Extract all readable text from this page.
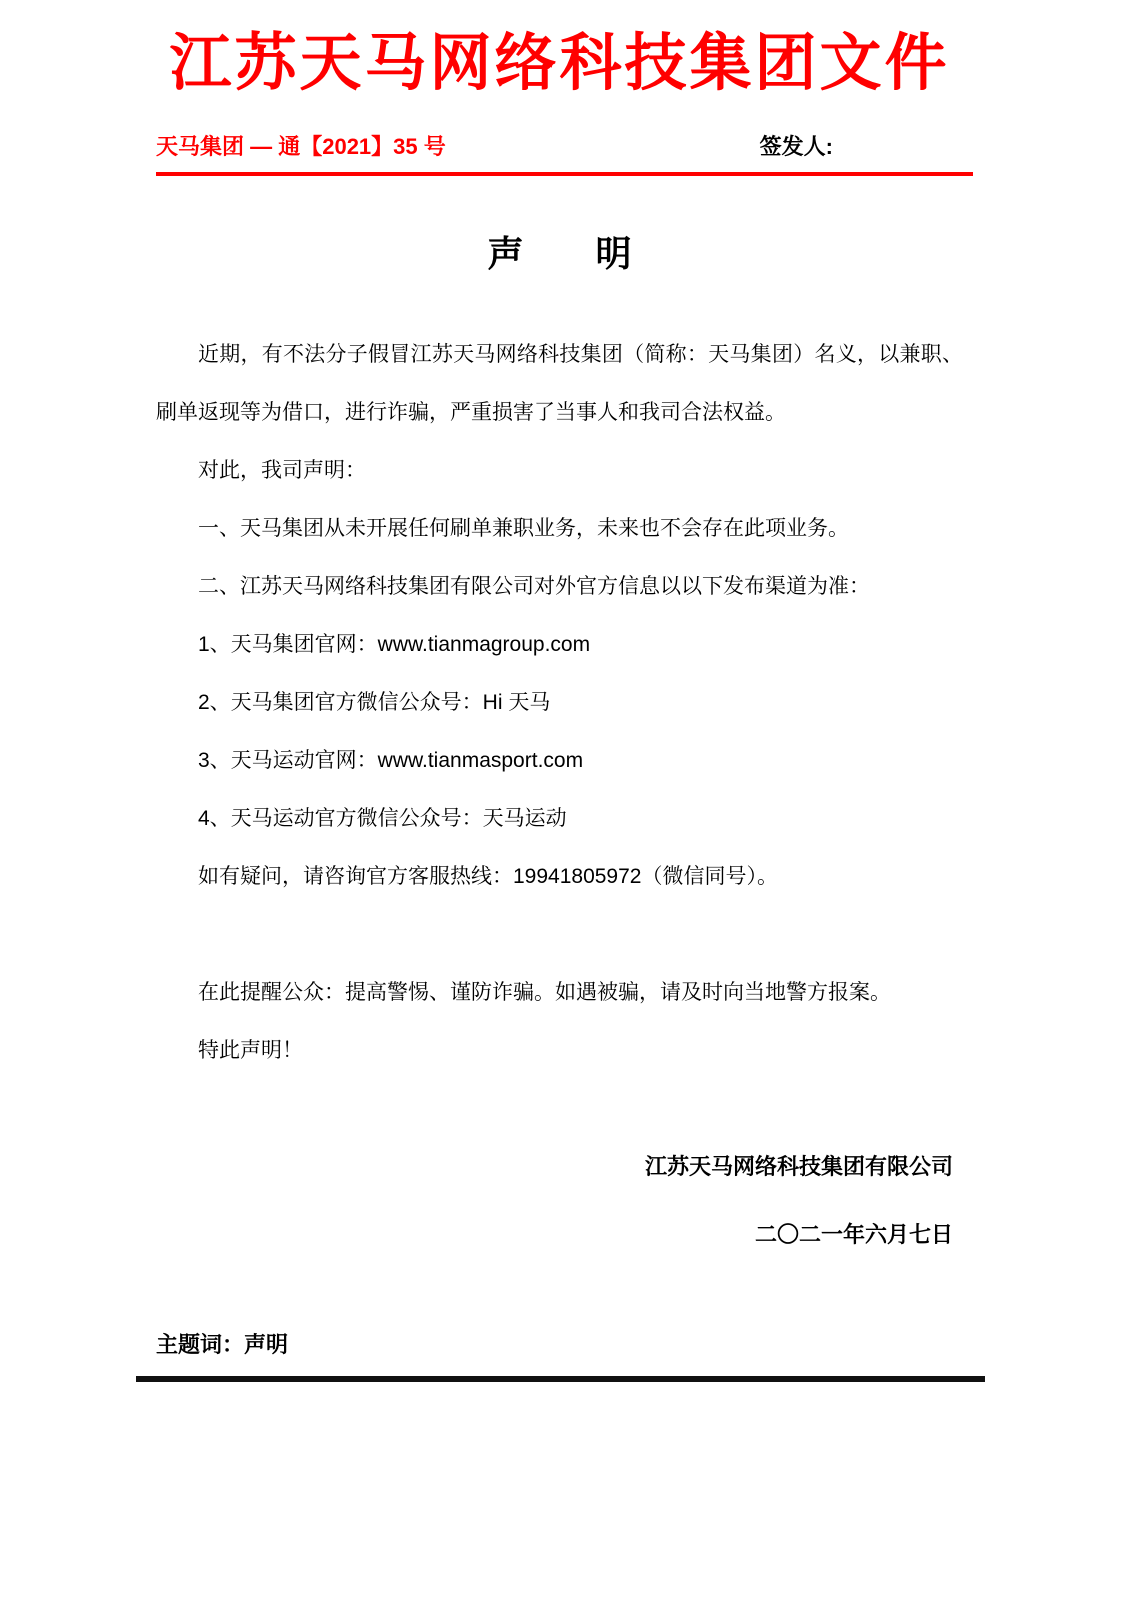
江苏天马网络科技集团文件
天马集团 — 通【2021】35 号	签发人:
声　　明

近期，有不法分子假冒江苏天马网络科技集团（简称：天马集团）名义，以兼职、刷单返现等为借口，进行诈骗，严重损害了当事人和我司合法权益。

对此，我司声明：

一、天马集团从未开展任何刷单兼职业务，未来也不会存在此项业务。

二、江苏天马网络科技集团有限公司对外官方信息以以下发布渠道为准：

1、天马集团官网：www.tianmagroup.com

2、天马集团官方微信公众号：Hi 天马

3、天马运动官网：www.tianmasport.com

4、天马运动官方微信公众号：天马运动

如有疑问，请咨询官方客服热线：19941805972（微信同号）。

在此提醒公众：提高警惕、谨防诈骗。如遇被骗，请及时向当地警方报案。

特此声明！

江苏天马网络科技集团有限公司

二〇二一年六月七日

主题词：声明
